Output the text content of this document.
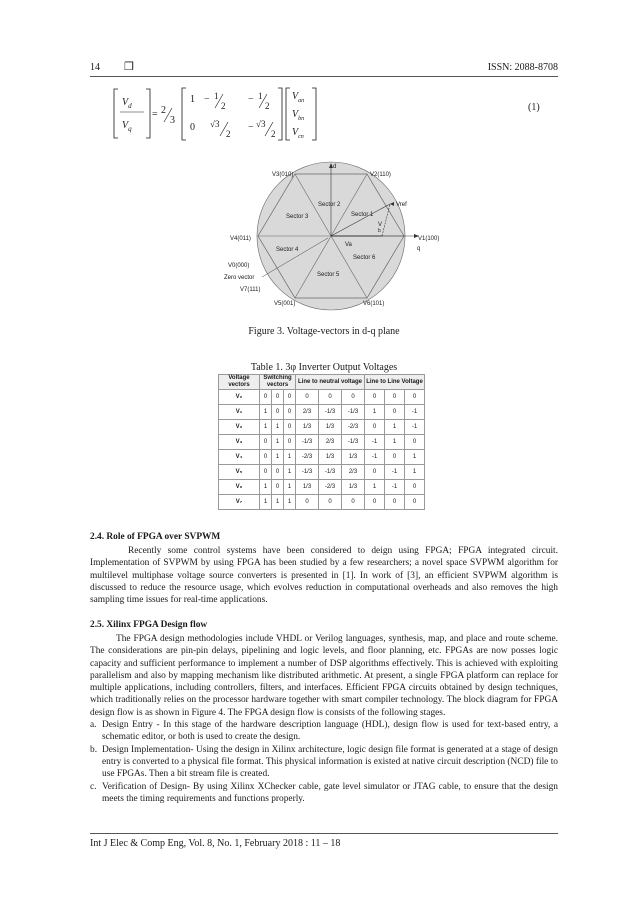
14 ❒	ISSN: 2088-8708
$V_d$
$V_q$
= 2
3
1 − 1
2
− 1
2
0 √3
2
− √3
2
$V_{an}$
$V_{bn}$
$V_{cn}$
(1)
d
q
V1(100)
V2(110)
V3(010)
V4(011)
V5(001)	V6(101)
V0(000)
Zero vector
V7(111)
Vref
V
b
Va
Sector 1
Sector 2
Sector 3
Sector 4
Sector 5
Sector 6
Figure 3. Voltage-vectors in d-q plane
Table 1. 3φ Inverter Output Voltages
Voltage vectors	Switching vectors			Line to neutral voltage			Line to Line Voltage		
V₀	0	0	0	0	0	0	0	0	0
V₁	1	0	0	2/3	-1/3	-1/3	1	0	-1
V₂	1	1	0	1/3	1/3	-2/3	0	1	-1
V₃	0	1	0	-1/3	2/3	-1/3	-1	1	0
V₄	0	1	1	-2/3	1/3	1/3	-1	0	1
V₅	0	0	1	-1/3	-1/3	2/3	0	-1	1
V₆	1	0	1	1/3	-2/3	1/3	1	-1	0
V₇	1	1	1	0	0	0	0	0	0
2.4. Role of FPGA over SVPWM

Recently some control systems have been considered to deign using FPGA; FPGA integrated circuit. Implementation of SVPWM by using FPGA has been studied by a few researchers; a novel space SVPWM algorithm for multilevel multiphase voltage source converters is presented in [1]. In work of [3], an efficient SVPWM algorithm is discussed to reduce the resource usage, which evolves reduction in computational overheads and also removes the high sampling time issues for real-time applications.

2.5. Xilinx FPGA Design flow

The FPGA design methodologies include VHDL or Verilog languages, synthesis, map, and place and route scheme. The considerations are pin-pin delays, pipelining and logic levels, and floor planning, etc. FPGAs are now posses logic capacity and sufficient performance to implement a number of DSP algorithms effectively. This is achieved with exploiting parallelism and also by mapping mechanism like distributed arithmetic. At present, a single FPGA platform can replace for multiple applications, including controllers, filters, and interfaces. Efficient FPGA circuits obtained by design techniques, which traditionally relies on the processor hardware together with smart compiler technology. The block diagram for FPGA design flow is as shown in Figure 4. The FPGA design flow is consists of the following stages.

a. Design Entry - In this stage of the hardware description language (HDL), design flow is used for text-based entry, a schematic editor, or both is used to create the design.
b. Design Implementation- Using the design in Xilinx architecture, logic design file format is generated at a stage of design entry is converted to a physical file format. This physical information is existed at native circuit description (NCD) file to use FPGAs. Then a bit stream file is created.
c. Verification of Design- By using Xilinx XChecker cable, gate level simulator or JTAG cable, to ensure that the design meets the timing requirements and functions properly.
Int J Elec & Comp Eng, Vol. 8, No. 1, February 2018 : 11 – 18
